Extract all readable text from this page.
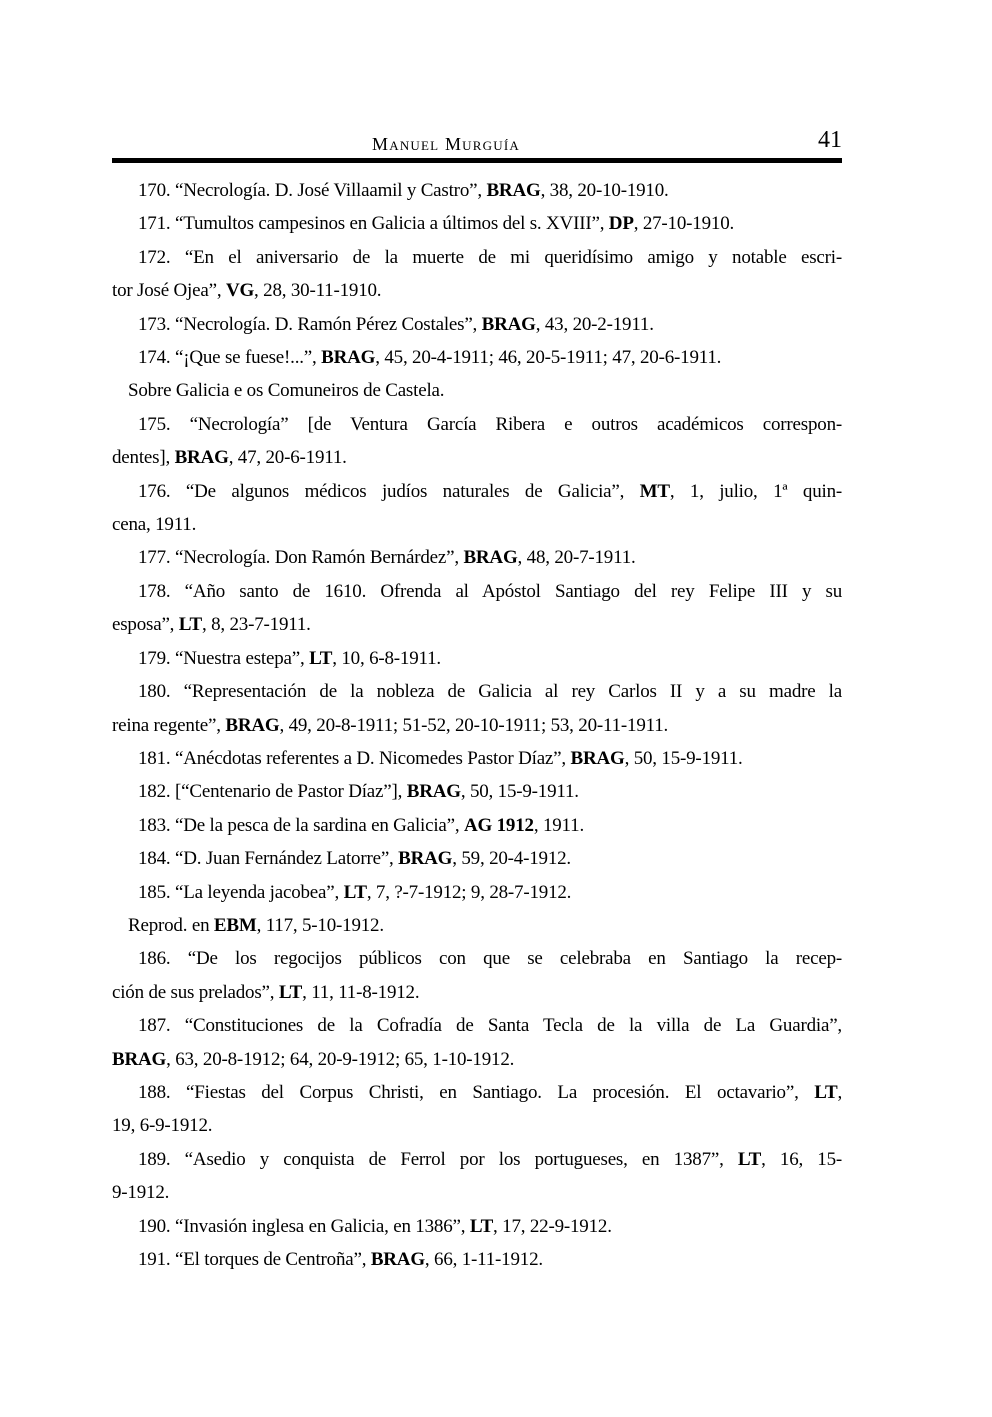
Manuel Murguía	41

170. “Necrología. D. José Villaamil y Castro”, BRAG, 38, 20-10-1910.

171. “Tumultos campesinos en Galicia a últimos del s. XVIII”, DP, 27-10-1910.

172. “En el aniversario de la muerte de mi queridísimo amigo y notable escri-
tor José Ojea”, VG, 28, 30-11-1910.

173. “Necrología. D. Ramón Pérez Costales”, BRAG, 43, 20-2-1911.

174. “¡Que se fuese!...”, BRAG, 45, 20-4-1911; 46, 20-5-1911; 47, 20-6-1911.

Sobre Galicia e os Comuneiros de Castela.

175. “Necrología” [de Ventura García Ribera e outros académicos correspon-
dentes], BRAG, 47, 20-6-1911.

176. “De algunos médicos judíos naturales de Galicia”, MT, 1, julio, 1ª quin-
cena, 1911.

177. “Necrología. Don Ramón Bernárdez”, BRAG, 48, 20-7-1911.

178. “Año santo de 1610. Ofrenda al Apóstol Santiago del rey Felipe III y su
esposa”, LT, 8, 23-7-1911.

179. “Nuestra estepa”, LT, 10, 6-8-1911.

180. “Representación de la nobleza de Galicia al rey Carlos II y a su madre la
reina regente”, BRAG, 49, 20-8-1911; 51-52, 20-10-1911; 53, 20-11-1911.

181. “Anécdotas referentes a D. Nicomedes Pastor Díaz”, BRAG, 50, 15-9-1911.

182. [“Centenario de Pastor Díaz”], BRAG, 50, 15-9-1911.

183. “De la pesca de la sardina en Galicia”, AG 1912, 1911.

184. “D. Juan Fernández Latorre”, BRAG, 59, 20-4-1912.

185. “La leyenda jacobea”, LT, 7, ?-7-1912; 9, 28-7-1912.

Reprod. en EBM, 117, 5-10-1912.

186. “De los regocijos públicos con que se celebraba en Santiago la recep-
ción de sus prelados”, LT, 11, 11-8-1912.

187. “Constituciones de la Cofradía de Santa Tecla de la villa de La Guardia”,
BRAG, 63, 20-8-1912; 64, 20-9-1912; 65, 1-10-1912.

188. “Fiestas del Corpus Christi, en Santiago. La procesión. El octavario”, LT,
19, 6-9-1912.

189. “Asedio y conquista de Ferrol por los portugueses, en 1387”, LT, 16, 15-
9-1912.

190. “Invasión inglesa en Galicia, en 1386”, LT, 17, 22-9-1912.

191. “El torques de Centroña”, BRAG, 66, 1-11-1912.
